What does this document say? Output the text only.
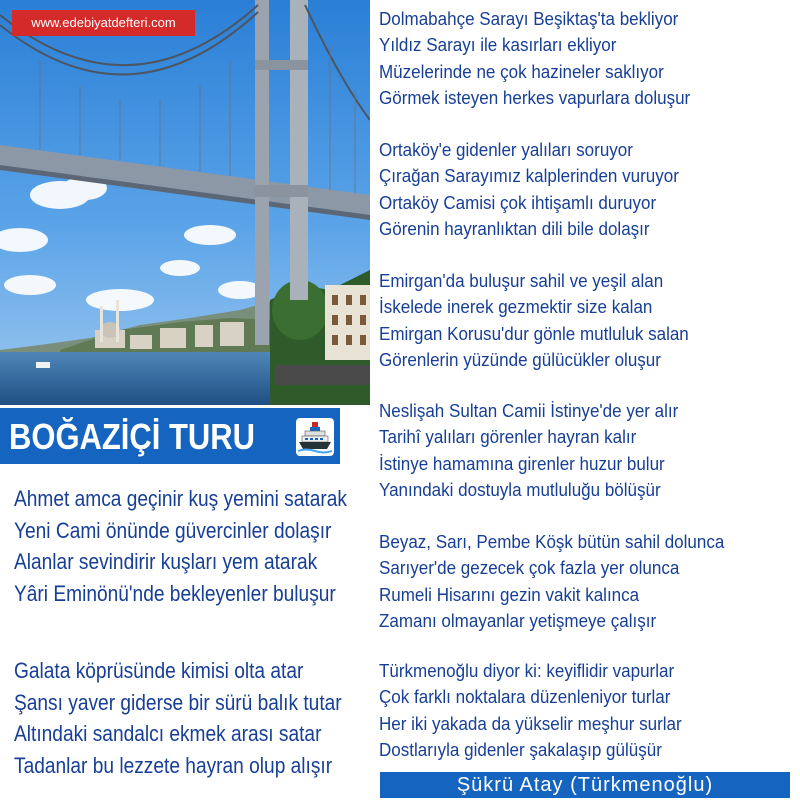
www.edebiyatdefteri.com
BOĞAZİÇİ TURU
Ahmet amca geçinir kuş yemini satarak
Yeni Cami önünde güvercinler dolaşır
Alanlar sevindirir kuşları yem atarak
Yâri Eminönü'nde bekleyenler buluşur
Galata köprüsünde kimisi olta atar
Şansı yaver giderse bir sürü balık tutar
Altındaki sandalcı ekmek arası satar
Tadanlar bu lezzete hayran olup alışır
Dolmabahçe Sarayı Beşiktaş'ta bekliyor
Yıldız Sarayı ile kasırları ekliyor
Müzelerinde ne çok hazineler saklıyor
Görmek isteyen herkes vapurlara doluşur
Ortaköy'e gidenler yalıları soruyor
Çırağan Sarayımız kalplerinden vuruyor
Ortaköy Camisi çok ihtişamlı duruyor
Görenin hayranlıktan dili bile dolaşır
Emirgan'da buluşur sahil ve yeşil alan
İskelede inerek gezmektir size kalan
Emirgan Korusu'dur gönle mutluluk salan
Görenlerin yüzünde gülücükler oluşur
Neslişah Sultan Camii İstinye'de yer alır
Tarihî yalıları görenler hayran kalır
İstinye hamamına girenler huzur bulur
Yanındaki dostuyla mutluluğu bölüşür
Beyaz, Sarı, Pembe Köşk bütün sahil dolunca
Sarıyer'de gezecek çok fazla yer olunca
Rumeli Hisarını gezin vakit kalınca
Zamanı olmayanlar yetişmeye çalışır
Türkmenoğlu diyor ki: keyiflidir vapurlar
Çok farklı noktalara düzenleniyor turlar
Her iki yakada da yükselir meşhur surlar
Dostlarıyla gidenler şakalaşıp gülüşür
Şükrü Atay (Türkmenoğlu)
